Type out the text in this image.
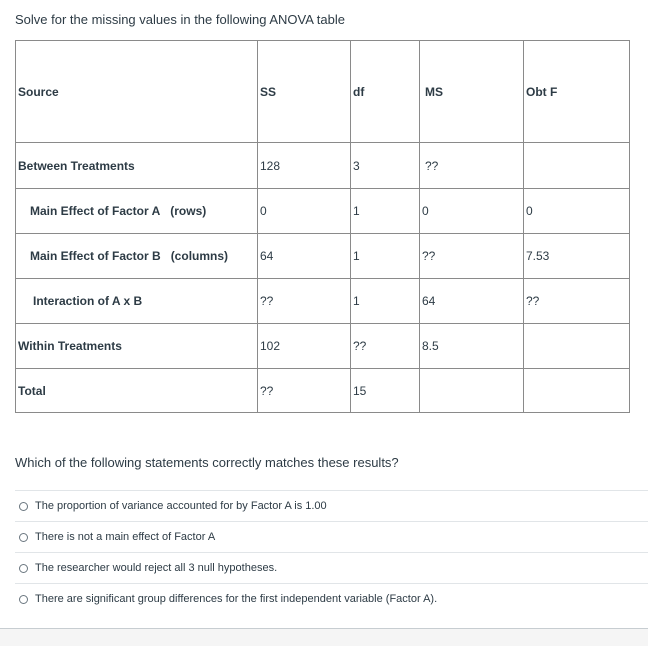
Solve for the missing values in the following ANOVA table
Source	SS	df	MS	Obt F
Between Treatments	128	3	??	
Main Effect of Factor A (rows)	0	1	0	0
Main Effect of Factor B (columns)	64	1	??	7.53
Interaction of A x B	??	1	64	??
Within Treatments	102	??	8.5	
Total	??	15		
Which of the following statements correctly matches these results?
The proportion of variance accounted for by Factor A is 1.00
There is not a main effect of Factor A
The researcher would reject all 3 null hypotheses.
There are significant group differences for the first independent variable (Factor A).
